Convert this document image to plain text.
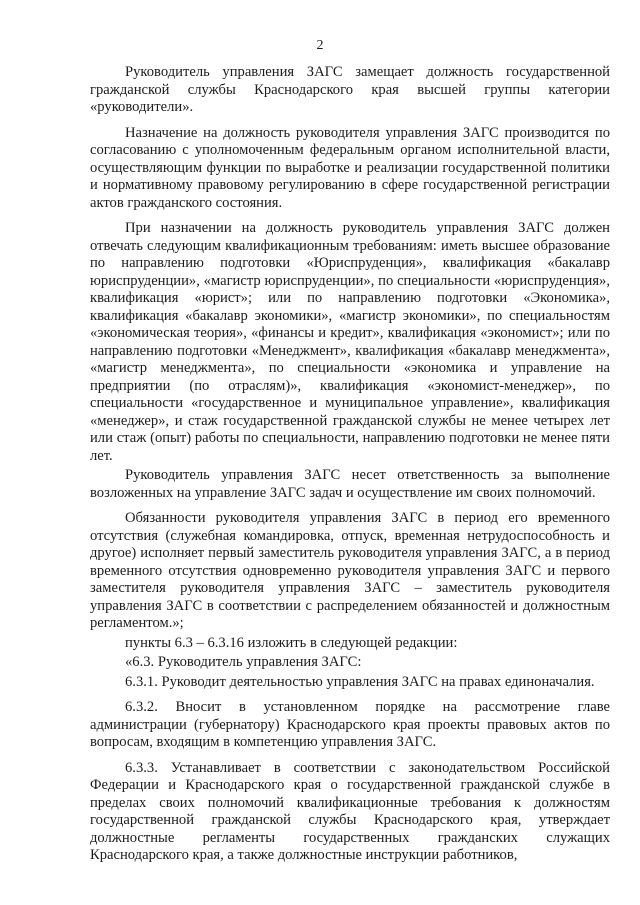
2

Руководитель управления ЗАГС замещает должность государственной гражданской службы Краснодарского края высшей группы категории «руководители».

Назначение на должность руководителя управления ЗАГС производится по согласованию с уполномоченным федеральным органом исполнительной власти, осуществляющим функции по выработке и реализации государственной политики и нормативному правовому регулированию в сфере государственной регистрации актов гражданского состояния.

При назначении на должность руководитель управления ЗАГС должен отвечать следующим квалификационным требованиям: иметь высшее образование по направлению подготовки «Юриспруденция», квалификация «бакалавр юриспруденции», «магистр юриспруденции», по специальности «юриспруденция», квалификация «юрист»; или по направлению подготовки «Экономика», квалификация «бакалавр экономики», «магистр экономики», по специальностям «экономическая теория», «финансы и кредит», квалификация «экономист»; или по направлению подготовки «Менеджмент», квалификация «бакалавр менеджмента», «магистр менеджмента», по специальности «экономика и управление на предприятии (по отраслям)», квалификация «экономист-менеджер», по специальности «государственное и муниципальное управление», квалификация «менеджер», и стаж государственной гражданской службы не менее четырех лет или стаж (опыт) работы по специальности, направлению подготовки не менее пяти лет.

Руководитель управления ЗАГС несет ответственность за выполнение возложенных на управление ЗАГС задач и осуществление им своих полномочий.

Обязанности руководителя управления ЗАГС в период его временного отсутствия (служебная командировка, отпуск, временная нетрудоспособность и другое) исполняет первый заместитель руководителя управления ЗАГС, а в период временного отсутствия одновременно руководителя управления ЗАГС и первого заместителя руководителя управления ЗАГС – заместитель руководителя управления ЗАГС в соответствии с распределением обязанностей и должностным регламентом.»;

пункты 6.3 – 6.3.16 изложить в следующей редакции:

«6.3. Руководитель управления ЗАГС:

6.3.1. Руководит деятельностью управления ЗАГС на правах единоначалия.

6.3.2. Вносит в установленном порядке на рассмотрение главе администрации (губернатору) Краснодарского края проекты правовых актов по вопросам, входящим в компетенцию управления ЗАГС.

6.3.3. Устанавливает в соответствии с законодательством Российской Федерации и Краснодарского края о государственной гражданской службе в пределах своих полномочий квалификационные требования к должностям государственной гражданской службы Краснодарского края, утверждает должностные регламенты государственных гражданских служащих Краснодарского края, а также должностные инструкции работников,
